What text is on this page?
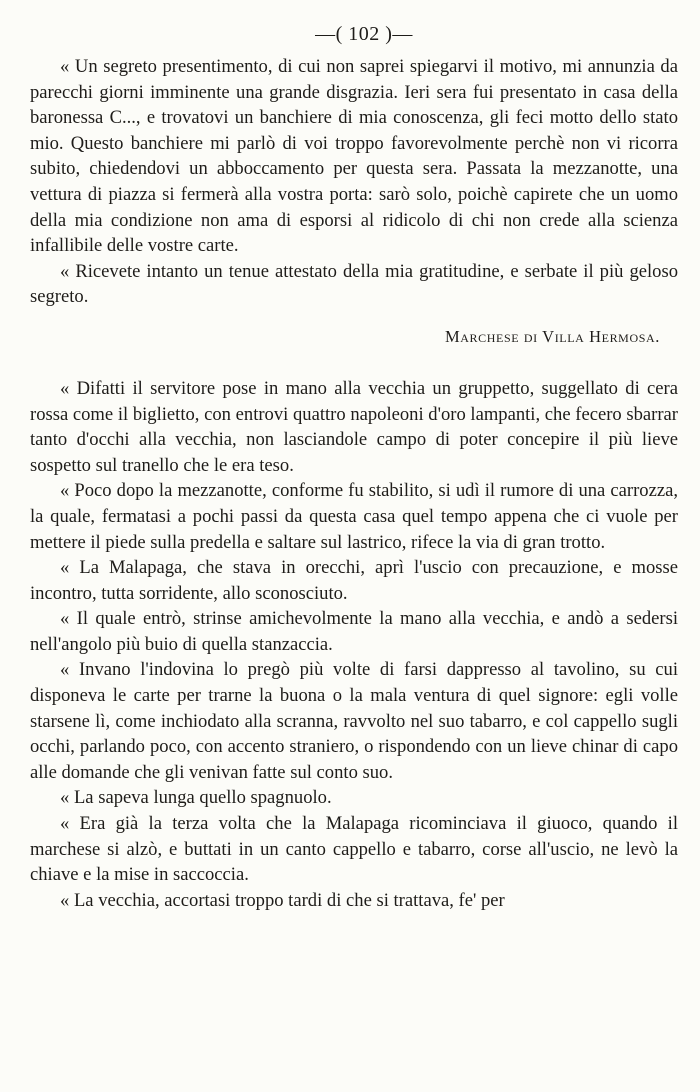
—( 102 )—

« Un segreto presentimento, di cui non saprei spiegarvi il motivo, mi annunzia da parecchi giorni imminente una grande disgrazia. Ieri sera fui presentato in casa della baronessa C..., e trovatovi un banchiere di mia conoscenza, gli feci motto dello stato mio. Questo banchiere mi parlò di voi troppo favorevolmente perchè non vi ricorra subito, chiedendovi un abboccamento per questa sera. Passata la mezzanotte, una vettura di piazza si fermerà alla vostra porta: sarò solo, poichè capirete che un uomo della mia condizione non ama di esporsi al ridicolo di chi non crede alla scienza infallibile delle vostre carte.

« Ricevete intanto un tenue attestato della mia gratitudine, e serbate il più geloso segreto.

Marchese di Villa Hermosa.

« Difatti il servitore pose in mano alla vecchia un gruppetto, suggellato di cera rossa come il biglietto, con entrovi quattro napoleoni d'oro lampanti, che fecero sbarrar tanto d'occhi alla vecchia, non lasciandole campo di poter concepire il più lieve sospetto sul tranello che le era teso.

« Poco dopo la mezzanotte, conforme fu stabilito, si udì il rumore di una carrozza, la quale, fermatasi a pochi passi da questa casa quel tempo appena che ci vuole per mettere il piede sulla predella e saltare sul lastrico, rifece la via di gran trotto.

« La Malapaga, che stava in orecchi, aprì l'uscio con precauzione, e mosse incontro, tutta sorridente, allo sconosciuto.

« Il quale entrò, strinse amichevolmente la mano alla vecchia, e andò a sedersi nell'angolo più buio di quella stanzaccia.

« Invano l'indovina lo pregò più volte di farsi dappresso al tavolino, su cui disponeva le carte per trarne la buona o la mala ventura di quel signore: egli volle starsene lì, come inchiodato alla scranna, ravvolto nel suo tabarro, e col cappello sugli occhi, parlando poco, con accento straniero, o rispondendo con un lieve chinar di capo alle domande che gli venivan fatte sul conto suo.

« La sapeva lunga quello spagnuolo.

« Era già la terza volta che la Malapaga ricominciava il giuoco, quando il marchese si alzò, e buttati in un canto cappello e tabarro, corse all'uscio, ne levò la chiave e la mise in saccoccia.

« La vecchia, accortasi troppo tardi di che si trattava, fe' per
